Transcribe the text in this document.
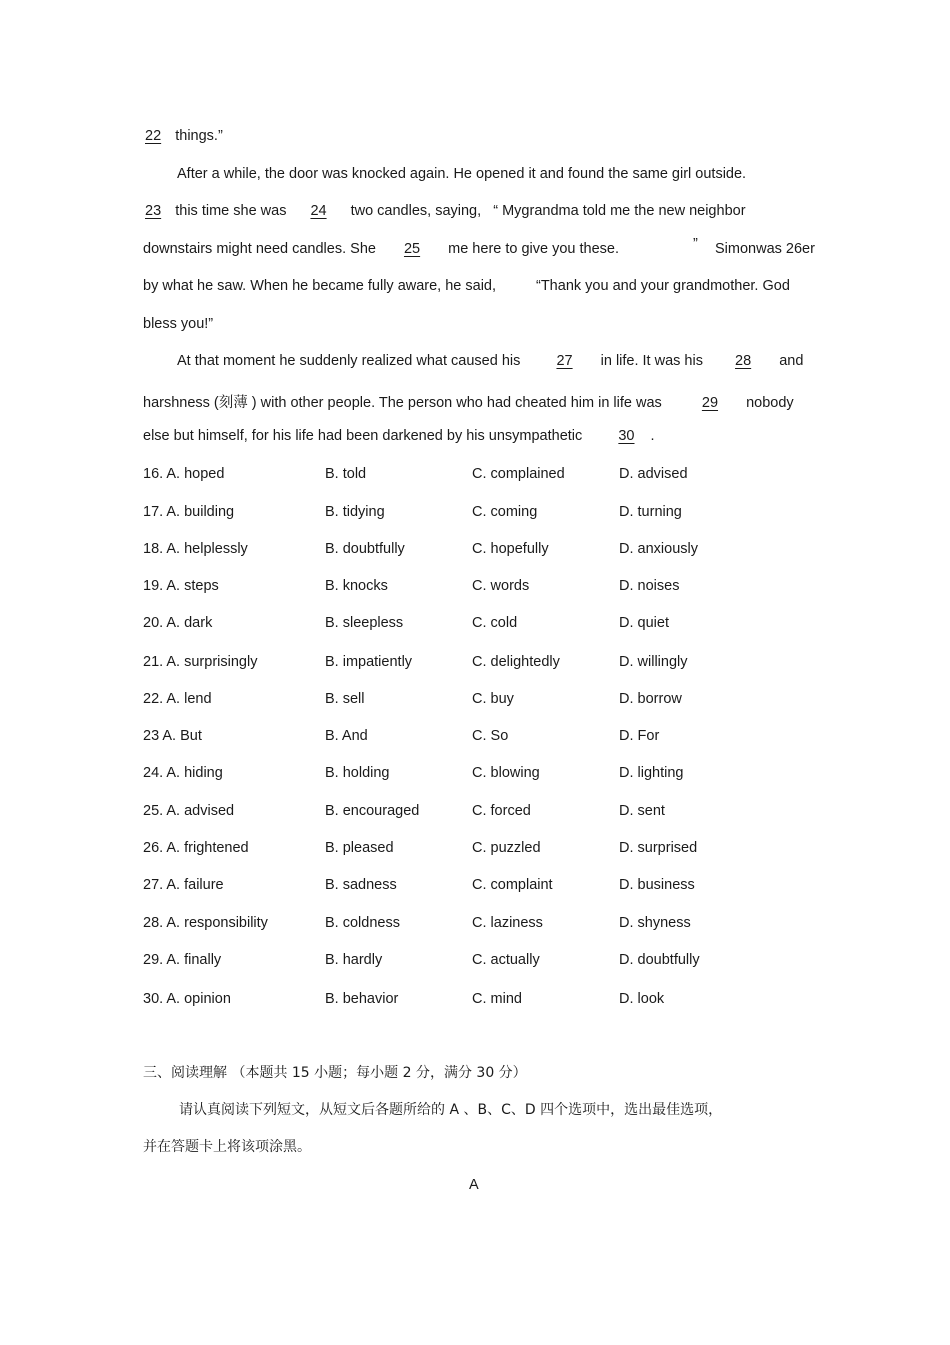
22 things.”
After a while, the door was knocked again. He opened it and found the same girl outside.
23 this time she was 24 two candles, saying, “ Mygrandma told me the new neighbor
downstairs might need candles. She 25 me here to give you these.	” Simonwas 26er
by what he saw. When he became fully aware, he said,	“Thank you and your grandmother. God
bless you!”
At that moment he suddenly realized what caused his 27 in life. It was his 28 and
harshness (刻薄 ) with other people. The person who had cheated him in life was	29 nobody
else but himself, for his life had been darkened by his unsympathetic 30 .
16. A. hoped	B. told	C. complained	D. advised
17. A. building	B. tidying	C. coming	D. turning
18. A. helplessly	B. doubtfully	C. hopefully	D. anxiously
19. A. steps	B. knocks	C. words	D. noises
20. A. dark	B. sleepless	C. cold	D. quiet
21. A. surprisingly	B. impatiently	C. delightedly	D. willingly
22. A. lend	B. sell	C. buy	D. borrow
23 A. But	B. And	C. So	D. For
24. A. hiding	B. holding	C. blowing	D. lighting
25. A. advised	B. encouraged	C. forced	D. sent
26. A. frightened	B. pleased	C. puzzled	D. surprised
27. A. failure	B. sadness	C. complaint	D. business
28. A. responsibility	B. coldness	C. laziness	D. shyness
29. A. finally	B. hardly	C. actually	D. doubtfully
30. A. opinion	B. behavior	C. mind	D. look
三、阅读理解 （本题共 15 小题；每小题 2 分，满分 30 分）
请认真阅读下列短文，从短文后各题所给的 A 、B、C、D 四个选项中，选出最佳选项，
并在答题卡上将该项涂黑。
A
